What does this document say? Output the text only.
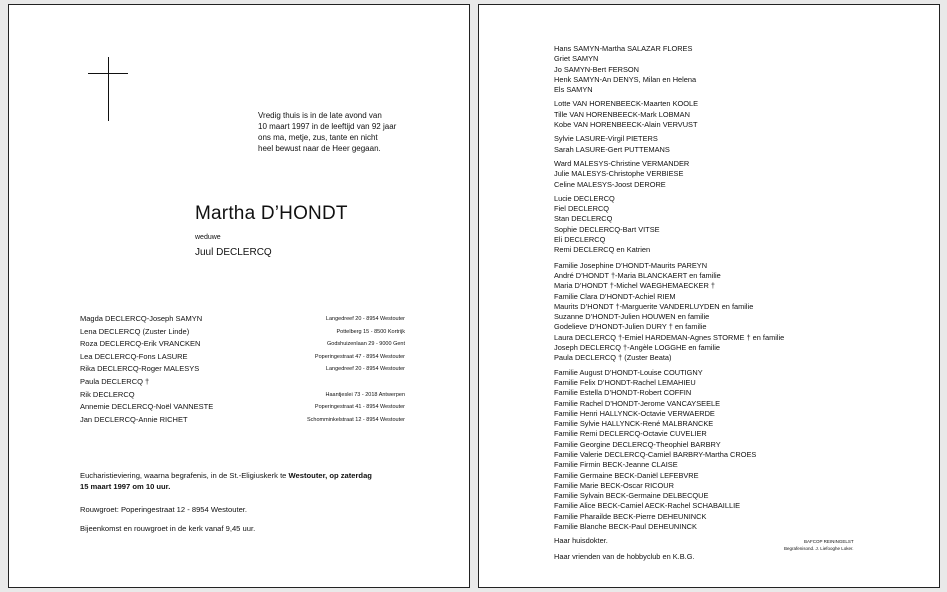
Vredig thuis is in de late avond van
10 maart 1997 in de leeftijd van 92 jaar
ons ma, metje, zus, tante en nicht
heel bewust naar de Heer gegaan.
Martha D’HONDT
weduwe
Juul DECLERCQ
Magda DECLERCQ-Joseph SAMYN	Langedreef 20 - 8954 Westouter
Lena DECLERCQ (Zuster Linde)	Pottelberg 15 - 8500 Kortrijk
Roza DECLERCQ-Erik VRANCKEN	Godshuizenlaan 29 - 9000 Gent
Lea DECLERCQ-Fons LASURE	Poperingestraat 47 - 8954 Westouter
Rika DECLERCQ-Roger MALESYS	Langedreef 20 - 8954 Westouter
Paula DECLERCQ †
Rik DECLERCQ	Haantjeslei 73 - 2018 Antwerpen
Annemie DECLERCQ-Noël VANNESTE	Poperingestraat 41 - 8954 Westouter
Jan DECLERCQ-Annie RICHET	Schomminkelstraat 12 - 8954 Westouter
Eucharistieviering, waarna begrafenis, in de St.-Eligiuskerk te Westouter, op zaterdag
15 maart 1997 om 10 uur.
Rouwgroet: Poperingestraat 12 - 8954 Westouter.
Bijeenkomst en rouwgroet in de kerk vanaf 9,45 uur.
Hans SAMYN-Martha SALAZAR FLORES
Griet SAMYN
Jo SAMYN-Bert FERSON
Henk SAMYN-An DENYS, Milan en Helena
Els SAMYN
Lotte VAN HORENBEECK-Maarten KOOLE
Tille VAN HORENBEECK-Mark LOBMAN
Kobe VAN HORENBEECK-Alain VERVUST
Sylvie LASURE-Virgil PIETERS
Sarah LASURE-Gert PUTTEMANS
Ward MALESYS-Christine VERMANDER
Julie MALESYS-Christophe VERBIESE
Celine MALESYS-Joost DERORE
Lucie DECLERCQ
Fiel DECLERCQ
Stan DECLERCQ
Sophie DECLERCQ-Bart VITSE
Eli DECLERCQ
Remi DECLERCQ en Katrien
Familie Josephine D’HONDT-Maurits PAREYN
André D’HONDT †-Maria BLANCKAERT en familie
Maria D’HONDT †-Michel WAEGHEMAECKER †
Familie Clara D’HONDT-Achiel RIEM
Maurits D’HONDT †-Marguerite VANDERLUYDEN en familie
Suzanne D’HONDT-Julien HOUWEN en familie
Godelieve D’HONDT-Julien DURY † en familie
Laura DECLERCQ †-Emiel HARDEMAN-Agnes STORME † en familie
Joseph DECLERCQ †-Angèle LOGGHE en familie
Paula DECLERCQ † (Zuster Beata)
Familie August D’HONDT-Louise COUTIGNY
Familie Felix D’HONDT-Rachel LEMAHIEU
Familie Estella D’HONDT-Robert COFFIN
Familie Rachel D’HONDT-Jerome VANCAYSEELE
Familie Henri HALLYNCK-Octavie VERWAERDE
Familie Sylvie HALLYNCK-René MALBRANCKE
Familie Remi DECLERCQ-Octavie CUVELIER
Familie Georgine DECLERCQ-Theophiel BARBRY
Familie Valerie DECLERCQ-Camiel BARBRY-Martha CROES
Familie Firmin BECK-Jeanne CLAISE
Familie Germaine BECK-Daniël LEFEBVRE
Familie Marie BECK-Oscar RICOUR
Familie Sylvain BECK-Germaine DELBECQUE
Familie Alice BECK-Camiel AECK-Rachel SCHABAILLIE
Familie Pharailde BECK-Pierre DEHEUNINCK
Familie Blanche BECK-Paul DEHEUNINCK
Haar huisdokter.
Haar vrienden van de hobbyclub en K.B.G.
BAFCOP REININGELST
Begrafenisond. J. Liefooghe Loker.
